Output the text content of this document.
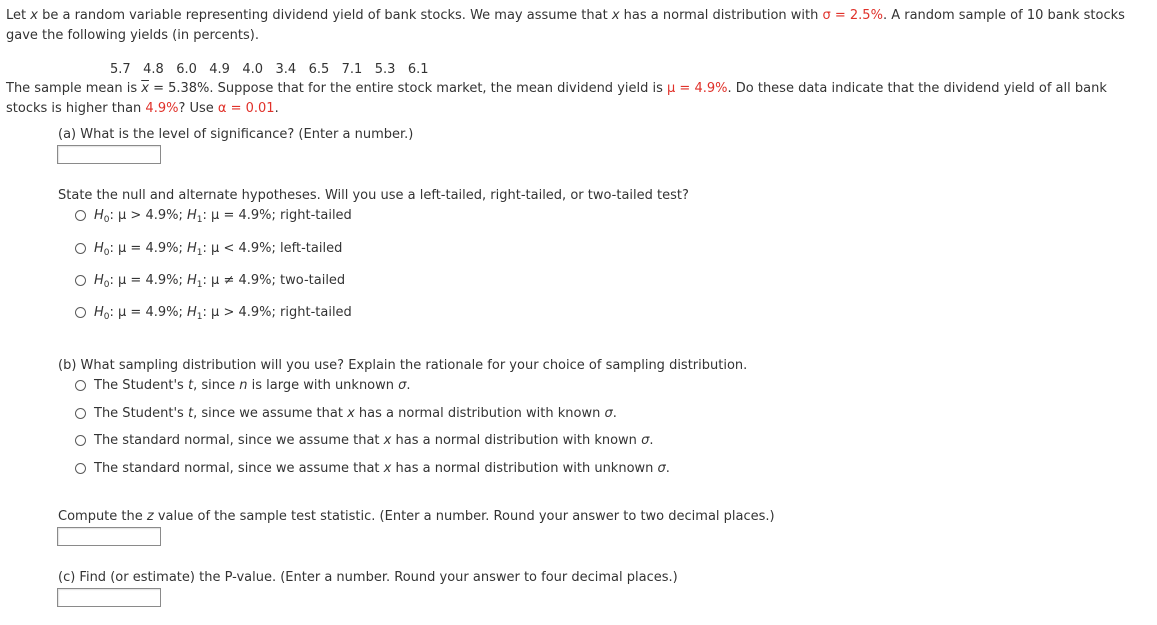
Let x be a random variable representing dividend yield of bank stocks. We may assume that x has a normal distribution with σ = 2.5%. A random sample of 10 bank stocks
gave the following yields (in percents).
5.7 4.8 6.0 4.9 4.0 3.4 6.5 7.1 5.3 6.1
The sample mean is $\overline{x} = 5.38\%$. Suppose that for the entire stock market, the mean dividend yield is μ = 4.9%. Do these data indicate that the dividend yield of all bank
stocks is higher than 4.9%? Use α = 0.01.
(a) What is the level of significance? (Enter a number.)
State the null and alternate hypotheses. Will you use a left-tailed, right-tailed, or two-tailed test?
$H_0$: μ > 4.9%; $H_1$: μ = 4.9%; right-tailed
$H_0$: μ = 4.9%; $H_1$: μ < 4.9%; left-tailed
$H_0$: μ = 4.9%; $H_1$: μ ≠ 4.9%; two-tailed
$H_0$: μ = 4.9%; $H_1$: μ > 4.9%; right-tailed
(b) What sampling distribution will you use? Explain the rationale for your choice of sampling distribution.
The Student's t, since n is large with unknown σ.
The Student's t, since we assume that x has a normal distribution with known σ.
The standard normal, since we assume that x has a normal distribution with known σ.
The standard normal, since we assume that x has a normal distribution with unknown σ.
Compute the z value of the sample test statistic. (Enter a number. Round your answer to two decimal places.)
(c) Find (or estimate) the P-value. (Enter a number. Round your answer to four decimal places.)
